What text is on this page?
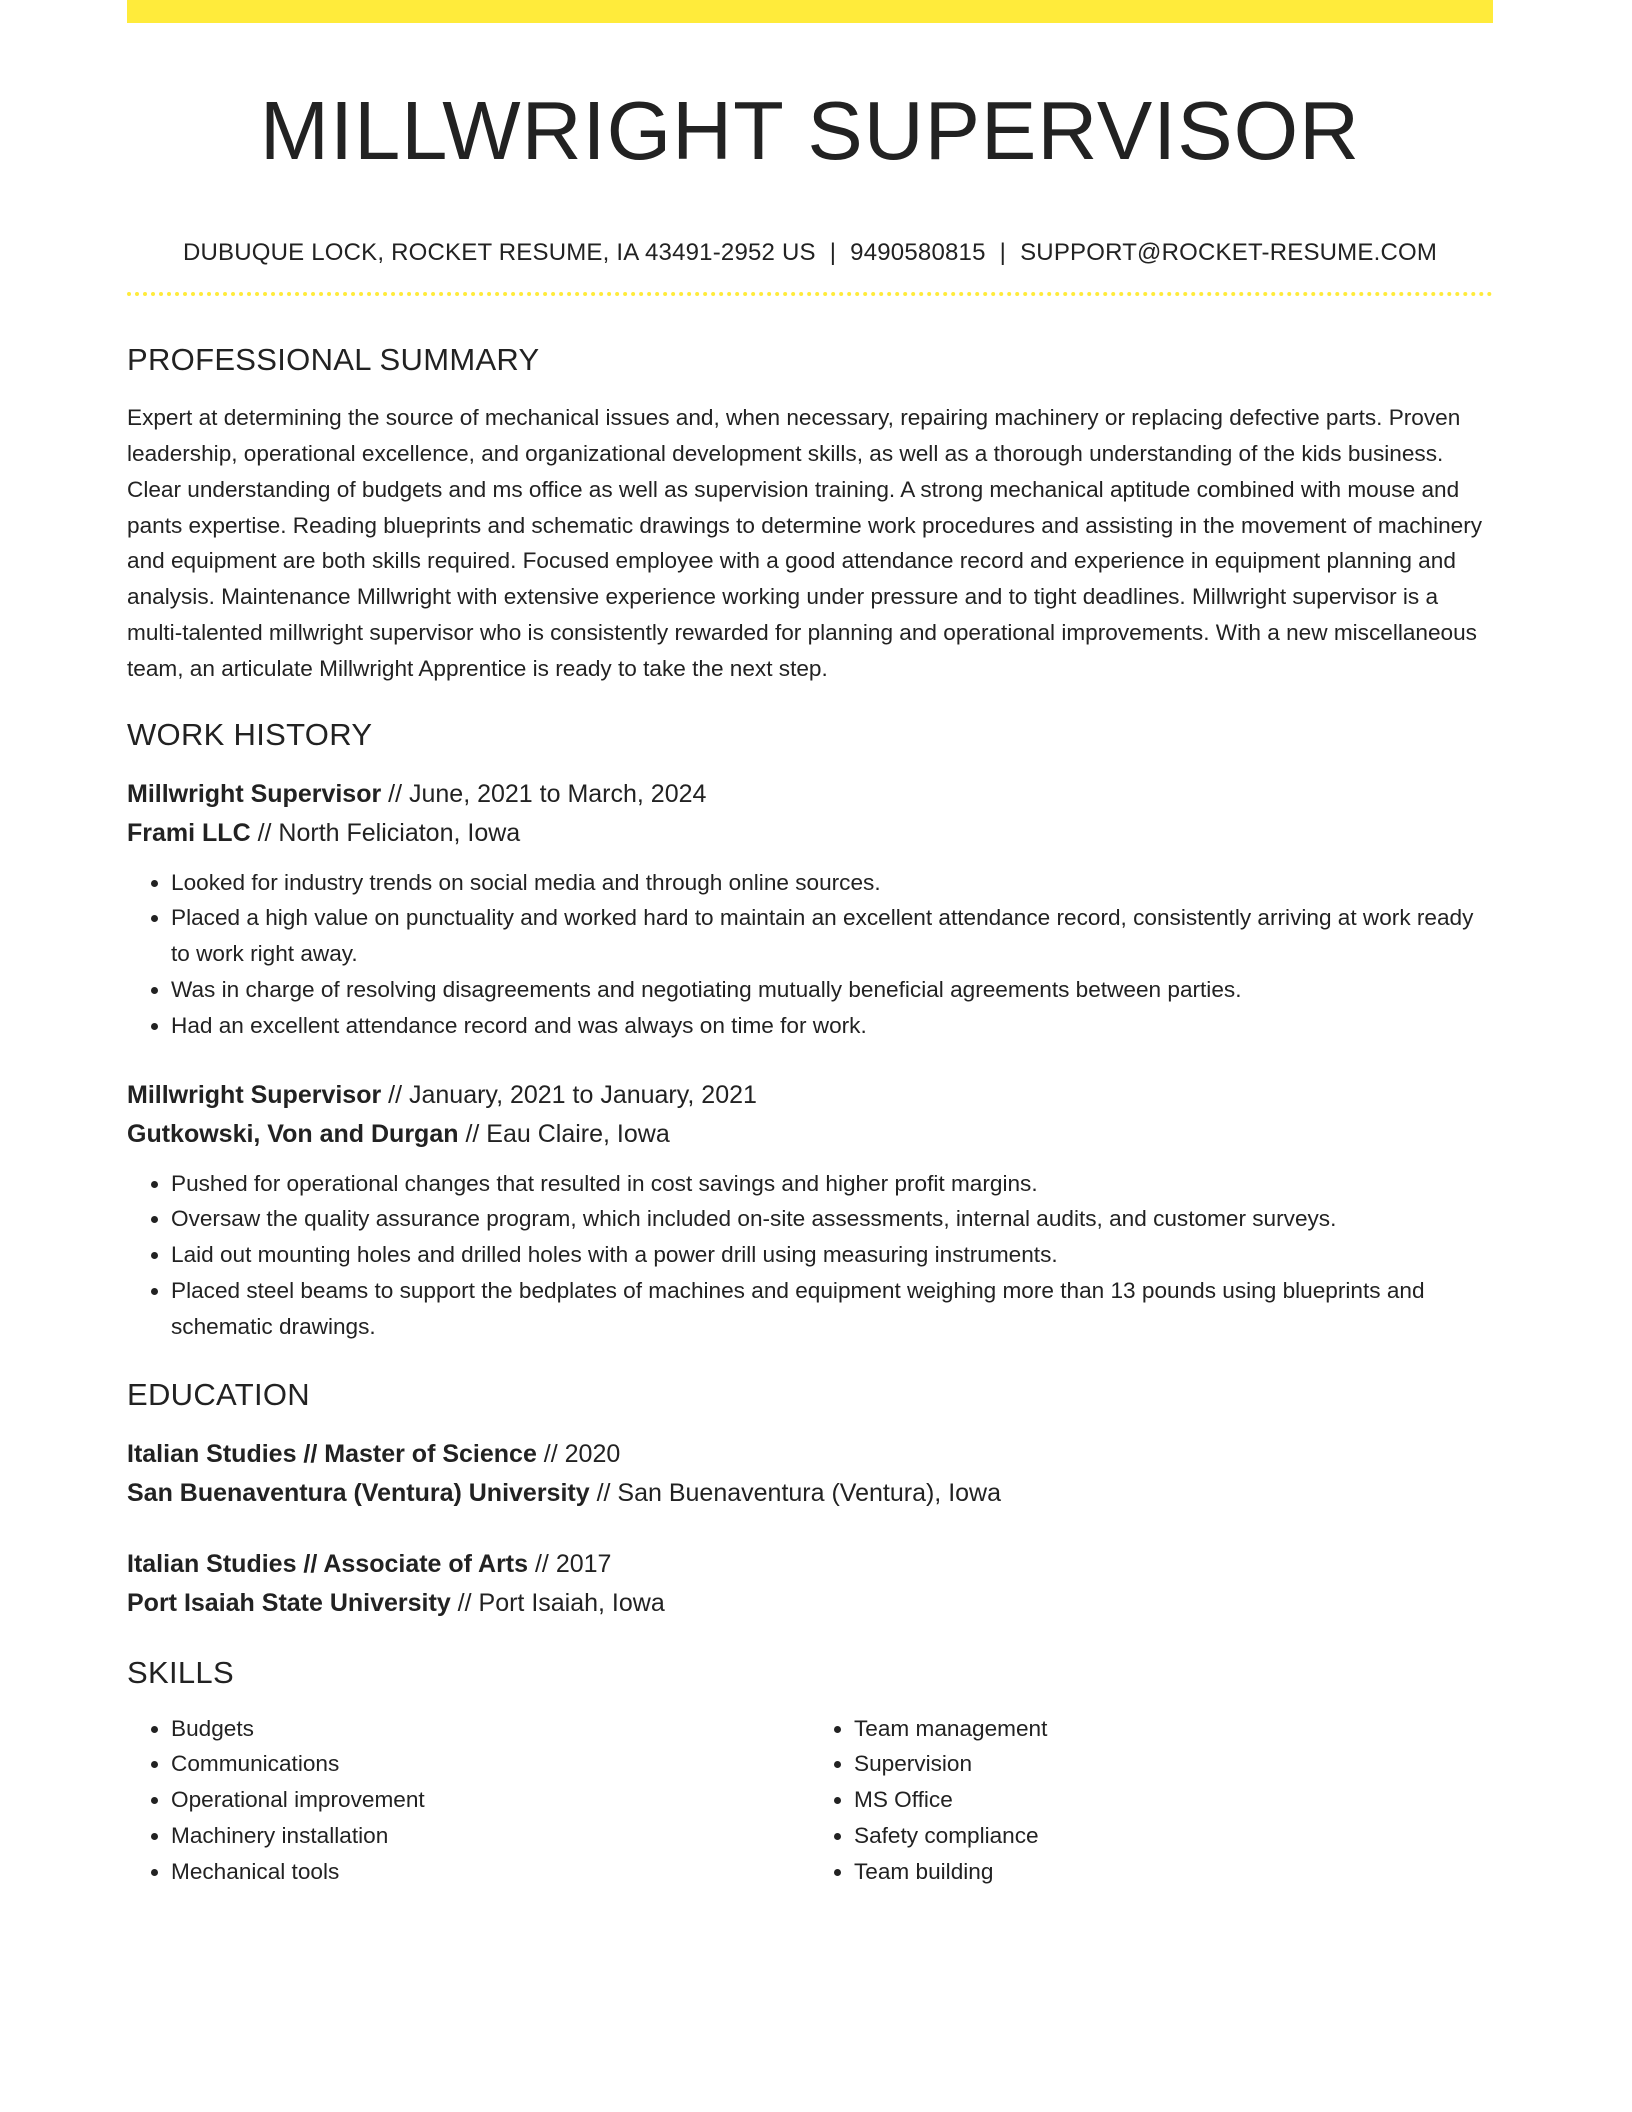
MILLWRIGHT SUPERVISOR
DUBUQUE LOCK, ROCKET RESUME, IA 43491-2952 US | 9490580815 | SUPPORT@ROCKET-RESUME.COM
PROFESSIONAL SUMMARY

Expert at determining the source of mechanical issues and, when necessary, repairing machinery or replacing defective parts. Proven leadership, operational excellence, and organizational development skills, as well as a thorough understanding of the kids business. Clear understanding of budgets and ms office as well as supervision training. A strong mechanical aptitude combined with mouse and pants expertise. Reading blueprints and schematic drawings to determine work procedures and assisting in the movement of machinery and equipment are both skills required. Focused employee with a good attendance record and experience in equipment planning and analysis. Maintenance Millwright with extensive experience working under pressure and to tight deadlines. Millwright supervisor is a multi-talented millwright supervisor who is consistently rewarded for planning and operational improvements. With a new miscellaneous team, an articulate Millwright Apprentice is ready to take the next step.

WORK HISTORY
Millwright Supervisor // June, 2021 to March, 2024
Frami LLC // North Feliciaton, Iowa
• Looked for industry trends on social media and through online sources.
• Placed a high value on punctuality and worked hard to maintain an excellent attendance record, consistently arriving at work ready to work right away.
• Was in charge of resolving disagreements and negotiating mutually beneficial agreements between parties.
• Had an excellent attendance record and was always on time for work.
Millwright Supervisor // January, 2021 to January, 2021
Gutkowski, Von and Durgan // Eau Claire, Iowa
• Pushed for operational changes that resulted in cost savings and higher profit margins.
• Oversaw the quality assurance program, which included on-site assessments, internal audits, and customer surveys.
• Laid out mounting holes and drilled holes with a power drill using measuring instruments.
• Placed steel beams to support the bedplates of machines and equipment weighing more than 13 pounds using blueprints and schematic drawings.
EDUCATION
Italian Studies // Master of Science // 2020
San Buenaventura (Ventura) University // San Buenaventura (Ventura), Iowa
Italian Studies // Associate of Arts // 2017
Port Isaiah State University // Port Isaiah, Iowa
SKILLS
• Budgets
• Communications
• Operational improvement
• Machinery installation
• Mechanical tools
• Team management
• Supervision
• MS Office
• Safety compliance
• Team building
